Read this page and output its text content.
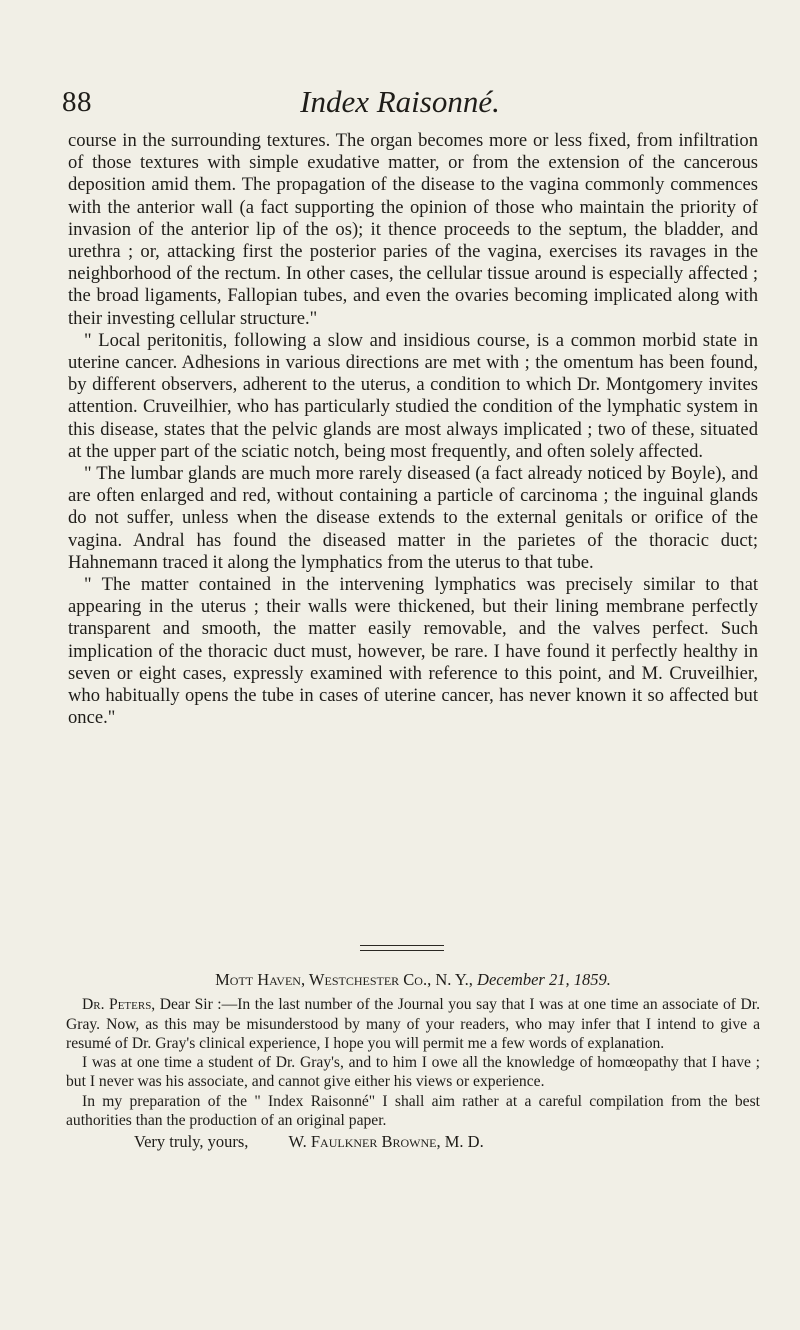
88	Index Raisonné.

course in the surrounding textures. The organ becomes more or less fixed, from infiltration of those textures with simple exudative matter, or from the extension of the cancerous deposition amid them. The propagation of the disease to the vagina commonly commences with the anterior wall (a fact supporting the opinion of those who maintain the priority of invasion of the anterior lip of the os); it thence proceeds to the septum, the bladder, and urethra ; or, attacking first the posterior paries of the vagina, exercises its ravages in the neighborhood of the rectum. In other cases, the cellular tissue around is especially affected ; the broad ligaments, Fallopian tubes, and even the ovaries becoming implicated along with their investing cellular structure."

" Local peritonitis, following a slow and insidious course, is a common morbid state in uterine cancer. Adhesions in various directions are met with ; the omentum has been found, by different observers, adherent to the uterus, a condition to which Dr. Montgomery invites attention. Cruveilhier, who has particularly studied the condition of the lymphatic system in this disease, states that the pelvic glands are most always implicated ; two of these, situated at the upper part of the sciatic notch, being most frequently, and often solely affected.

" The lumbar glands are much more rarely diseased (a fact already noticed by Boyle), and are often enlarged and red, without containing a particle of carcinoma ; the inguinal glands do not suffer, unless when the disease extends to the external genitals or orifice of the vagina. Andral has found the diseased matter in the parietes of the thoracic duct; Hahnemann traced it along the lymphatics from the uterus to that tube.

" The matter contained in the intervening lymphatics was precisely similar to that appearing in the uterus ; their walls were thickened, but their lining membrane perfectly transparent and smooth, the matter easily removable, and the valves perfect. Such implication of the thoracic duct must, however, be rare. I have found it perfectly healthy in seven or eight cases, expressly examined with reference to this point, and M. Cruveilhier, who habitually opens the tube in cases of uterine cancer, has never known it so affected but once."

Mott Haven, Westchester Co., N. Y., December 21, 1859.

Dr. Peters, Dear Sir :—In the last number of the Journal you say that I was at one time an associate of Dr. Gray. Now, as this may be misunderstood by many of your readers, who may infer that I intend to give a resumé of Dr. Gray's clinical experience, I hope you will permit me a few words of explanation.

I was at one time a student of Dr. Gray's, and to him I owe all the knowledge of homœopathy that I have ; but I never was his associate, and cannot give either his views or experience.

In my preparation of the " Index Raisonné" I shall aim rather at a careful compilation from the best authorities than the production of an original paper.

Very truly, yours, W. Faulkner Browne, M. D.
